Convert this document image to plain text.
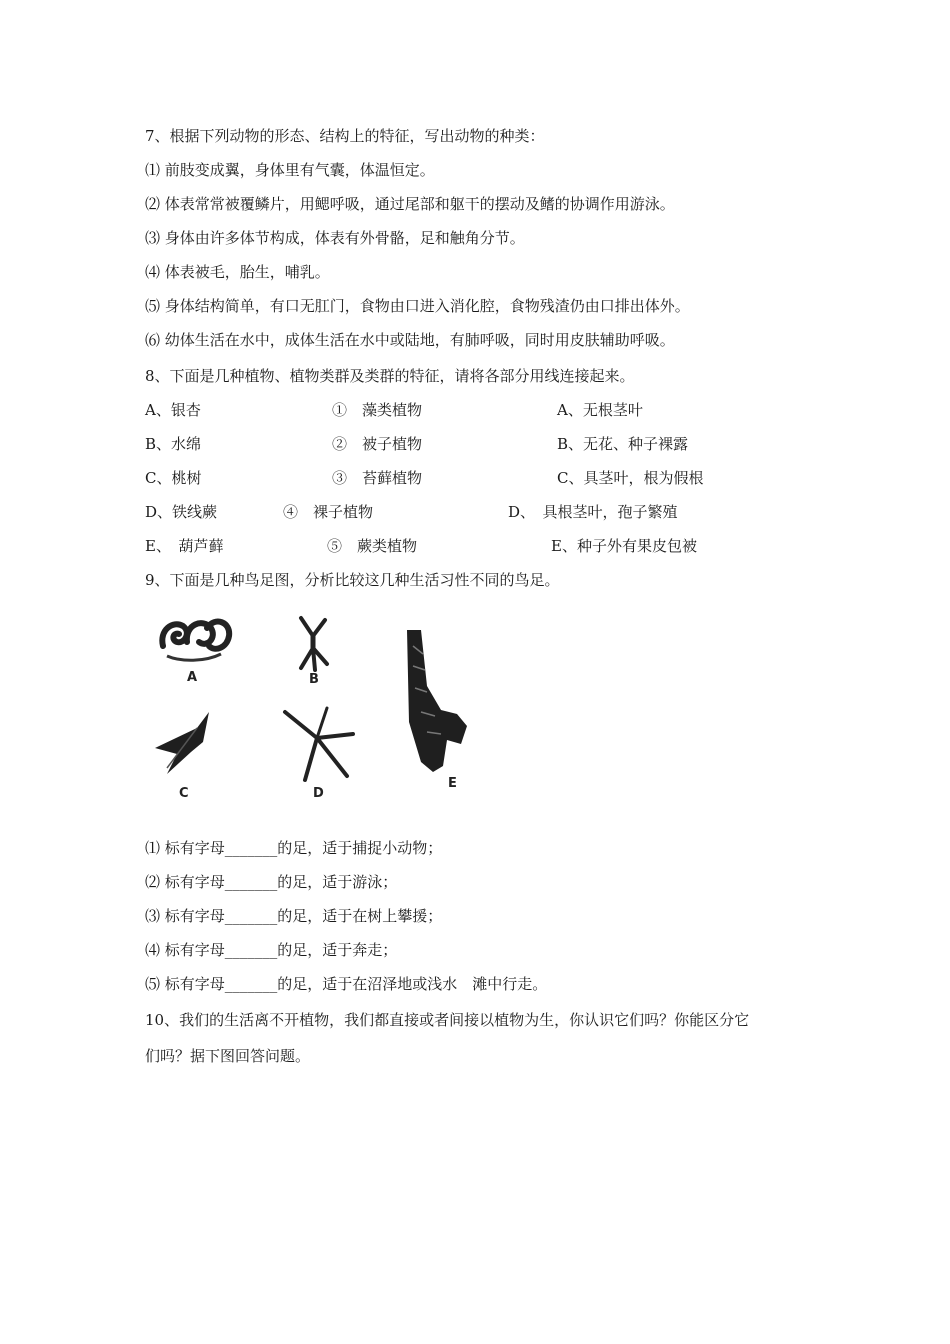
7、根据下列动物的形态、结构上的特征，写出动物的种类：
⑴ 前肢变成翼，身体里有气囊，体温恒定。
⑵ 体表常常被覆鳞片，用鳃呼吸，通过尾部和躯干的摆动及鳍的协调作用游泳。
⑶ 身体由许多体节构成，体表有外骨骼，足和触角分节。
⑷ 体表被毛，胎生，哺乳。
⑸ 身体结构简单，有口无肛门，食物由口进入消化腔，食物残渣仍由口排出体外。
⑹ 幼体生活在水中，成体生活在水中或陆地，有肺呼吸，同时用皮肤辅助呼吸。
8、下面是几种植物、植物类群及类群的特征，请将各部分用线连接起来。
A、银杏	①　藻类植物	A、无根茎叶
B、水绵	②　被子植物	B、无花、种子裸露
C、桃树	③　苔藓植物	C、具茎叶，根为假根
D、铁线蕨	④　裸子植物	D、　具根茎叶，孢子繁殖
E、　葫芦藓	⑤　蕨类植物	E、种子外有果皮包被
9、下面是几种鸟足图，分析比较这几种生活习性不同的鸟足。
A	B
C	D
E
⑴ 标有字母_______的足，适于捕捉小动物；
⑵ 标有字母_______的足，适于游泳；
⑶ 标有字母_______的足，适于在树上攀援；
⑷ 标有字母_______的足，适于奔走；
⑸ 标有字母_______的足，适于在沼泽地或浅水　滩中行走。
10、我们的生活离不开植物，我们都直接或者间接以植物为生，你认识它们吗？你能区分它
们吗？据下图回答问题。
